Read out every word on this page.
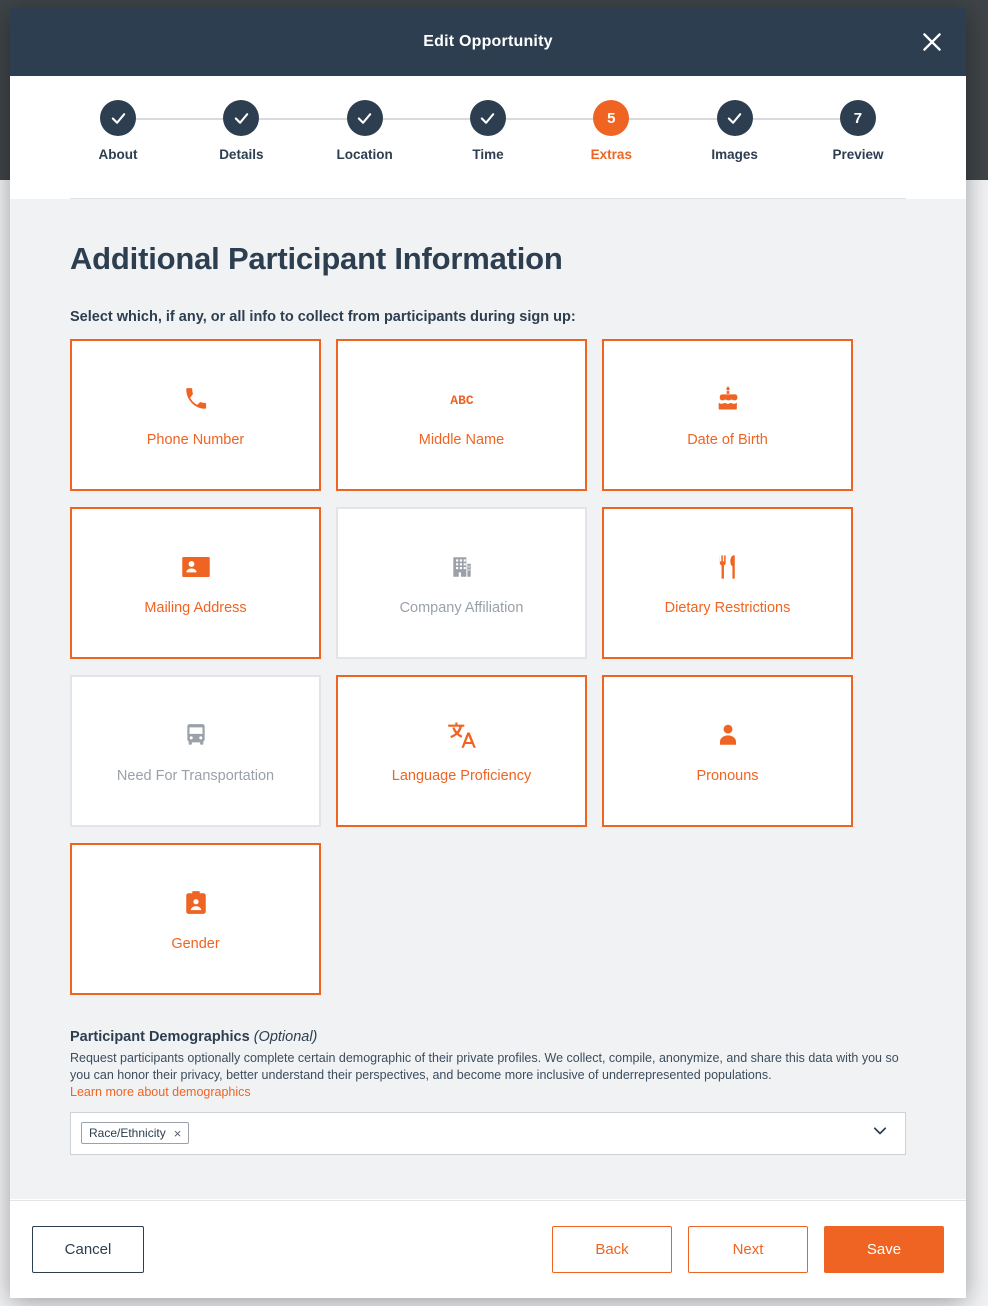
Edit Opportunity
About	Details	Location	Time
5
Extras	Images
7
Preview
Additional Participant Information
Select which, if any, or all info to collect from participants during sign up:
Phone Number
ABC
Middle Name	Date of Birth
Mailing Address	Company Affiliation	Dietary Restrictions
Need For Transportation	Language Proficiency	Pronouns
Gender
Participant Demographics (Optional)
Request participants optionally complete certain demographic of their private profiles. We collect, compile, anonymize, and share this data with you so you can honor their privacy, better understand their perspectives, and become more inclusive of underrepresented populations.
Learn more about demographics
Race/Ethnicity ×
Cancel	Back	Next	Save
